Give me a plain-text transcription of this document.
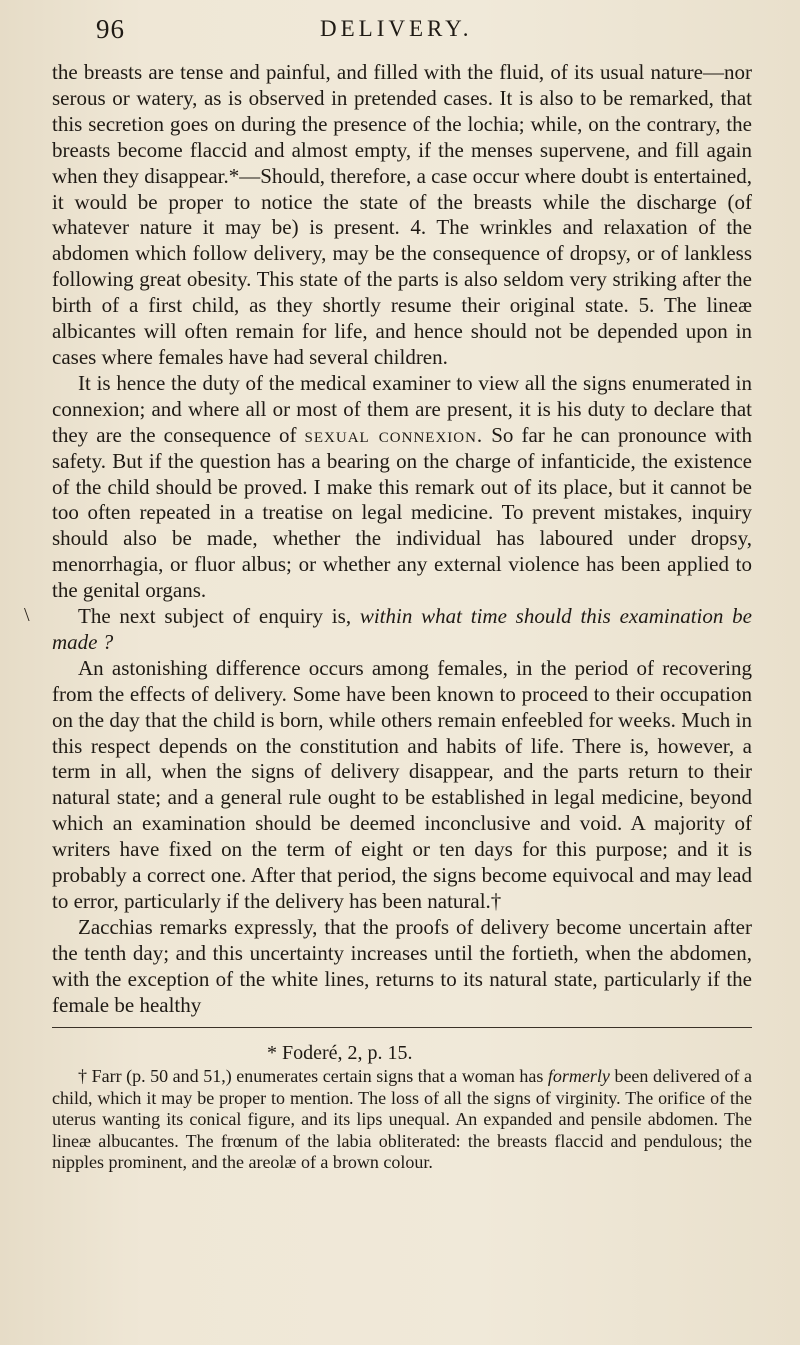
96	DELIVERY.
\

the breasts are tense and painful, and filled with the fluid, of its usual nature—nor serous or watery, as is observed in pretended cases. It is also to be remarked, that this secretion goes on during the presence of the lochia; while, on the contrary, the breasts become flaccid and almost empty, if the menses supervene, and fill again when they disappear.*—Should, therefore, a case occur where doubt is entertained, it would be proper to notice the state of the breasts while the discharge (of whatever nature it may be) is present. 4. The wrinkles and relaxation of the abdomen which follow delivery, may be the consequence of dropsy, or of lankless following great obesity. This state of the parts is also seldom very striking after the birth of a first child, as they shortly resume their original state. 5. The lineæ albicantes will often remain for life, and hence should not be depended upon in cases where females have had several children.

It is hence the duty of the medical examiner to view all the signs enumerated in connexion; and where all or most of them are present, it is his duty to declare that they are the consequence of sexual connexion. So far he can pronounce with safety. But if the question has a bearing on the charge of infanticide, the existence of the child should be proved. I make this remark out of its place, but it cannot be too often repeated in a treatise on legal medicine. To prevent mistakes, inquiry should also be made, whether the individual has laboured under dropsy, menorrhagia, or fluor albus; or whether any external violence has been applied to the genital organs.

The next subject of enquiry is, within what time should this examination be made ?

An astonishing difference occurs among females, in the period of recovering from the effects of delivery. Some have been known to proceed to their occupation on the day that the child is born, while others remain enfeebled for weeks. Much in this respect depends on the constitution and habits of life. There is, however, a term in all, when the signs of delivery disappear, and the parts return to their natural state; and a general rule ought to be established in legal medicine, beyond which an examination should be deemed inconclusive and void. A majority of writers have fixed on the term of eight or ten days for this purpose; and it is probably a correct one. After that period, the signs become equivocal and may lead to error, particularly if the delivery has been natural.†

Zacchias remarks expressly, that the proofs of delivery become uncertain after the tenth day; and this uncertainty increases until the fortieth, when the abdomen, with the exception of the white lines, returns to its natural state, particularly if the female be healthy

* Foderé, 2, p. 15.

† Farr (p. 50 and 51,) enumerates certain signs that a woman has formerly been delivered of a child, which it may be proper to mention. The loss of all the signs of virginity. The orifice of the uterus wanting its conical figure, and its lips unequal. An expanded and pensile abdomen. The lineæ albucantes. The frœnum of the labia obliterated: the breasts flaccid and pendulous; the nipples prominent, and the areolæ of a brown colour.
